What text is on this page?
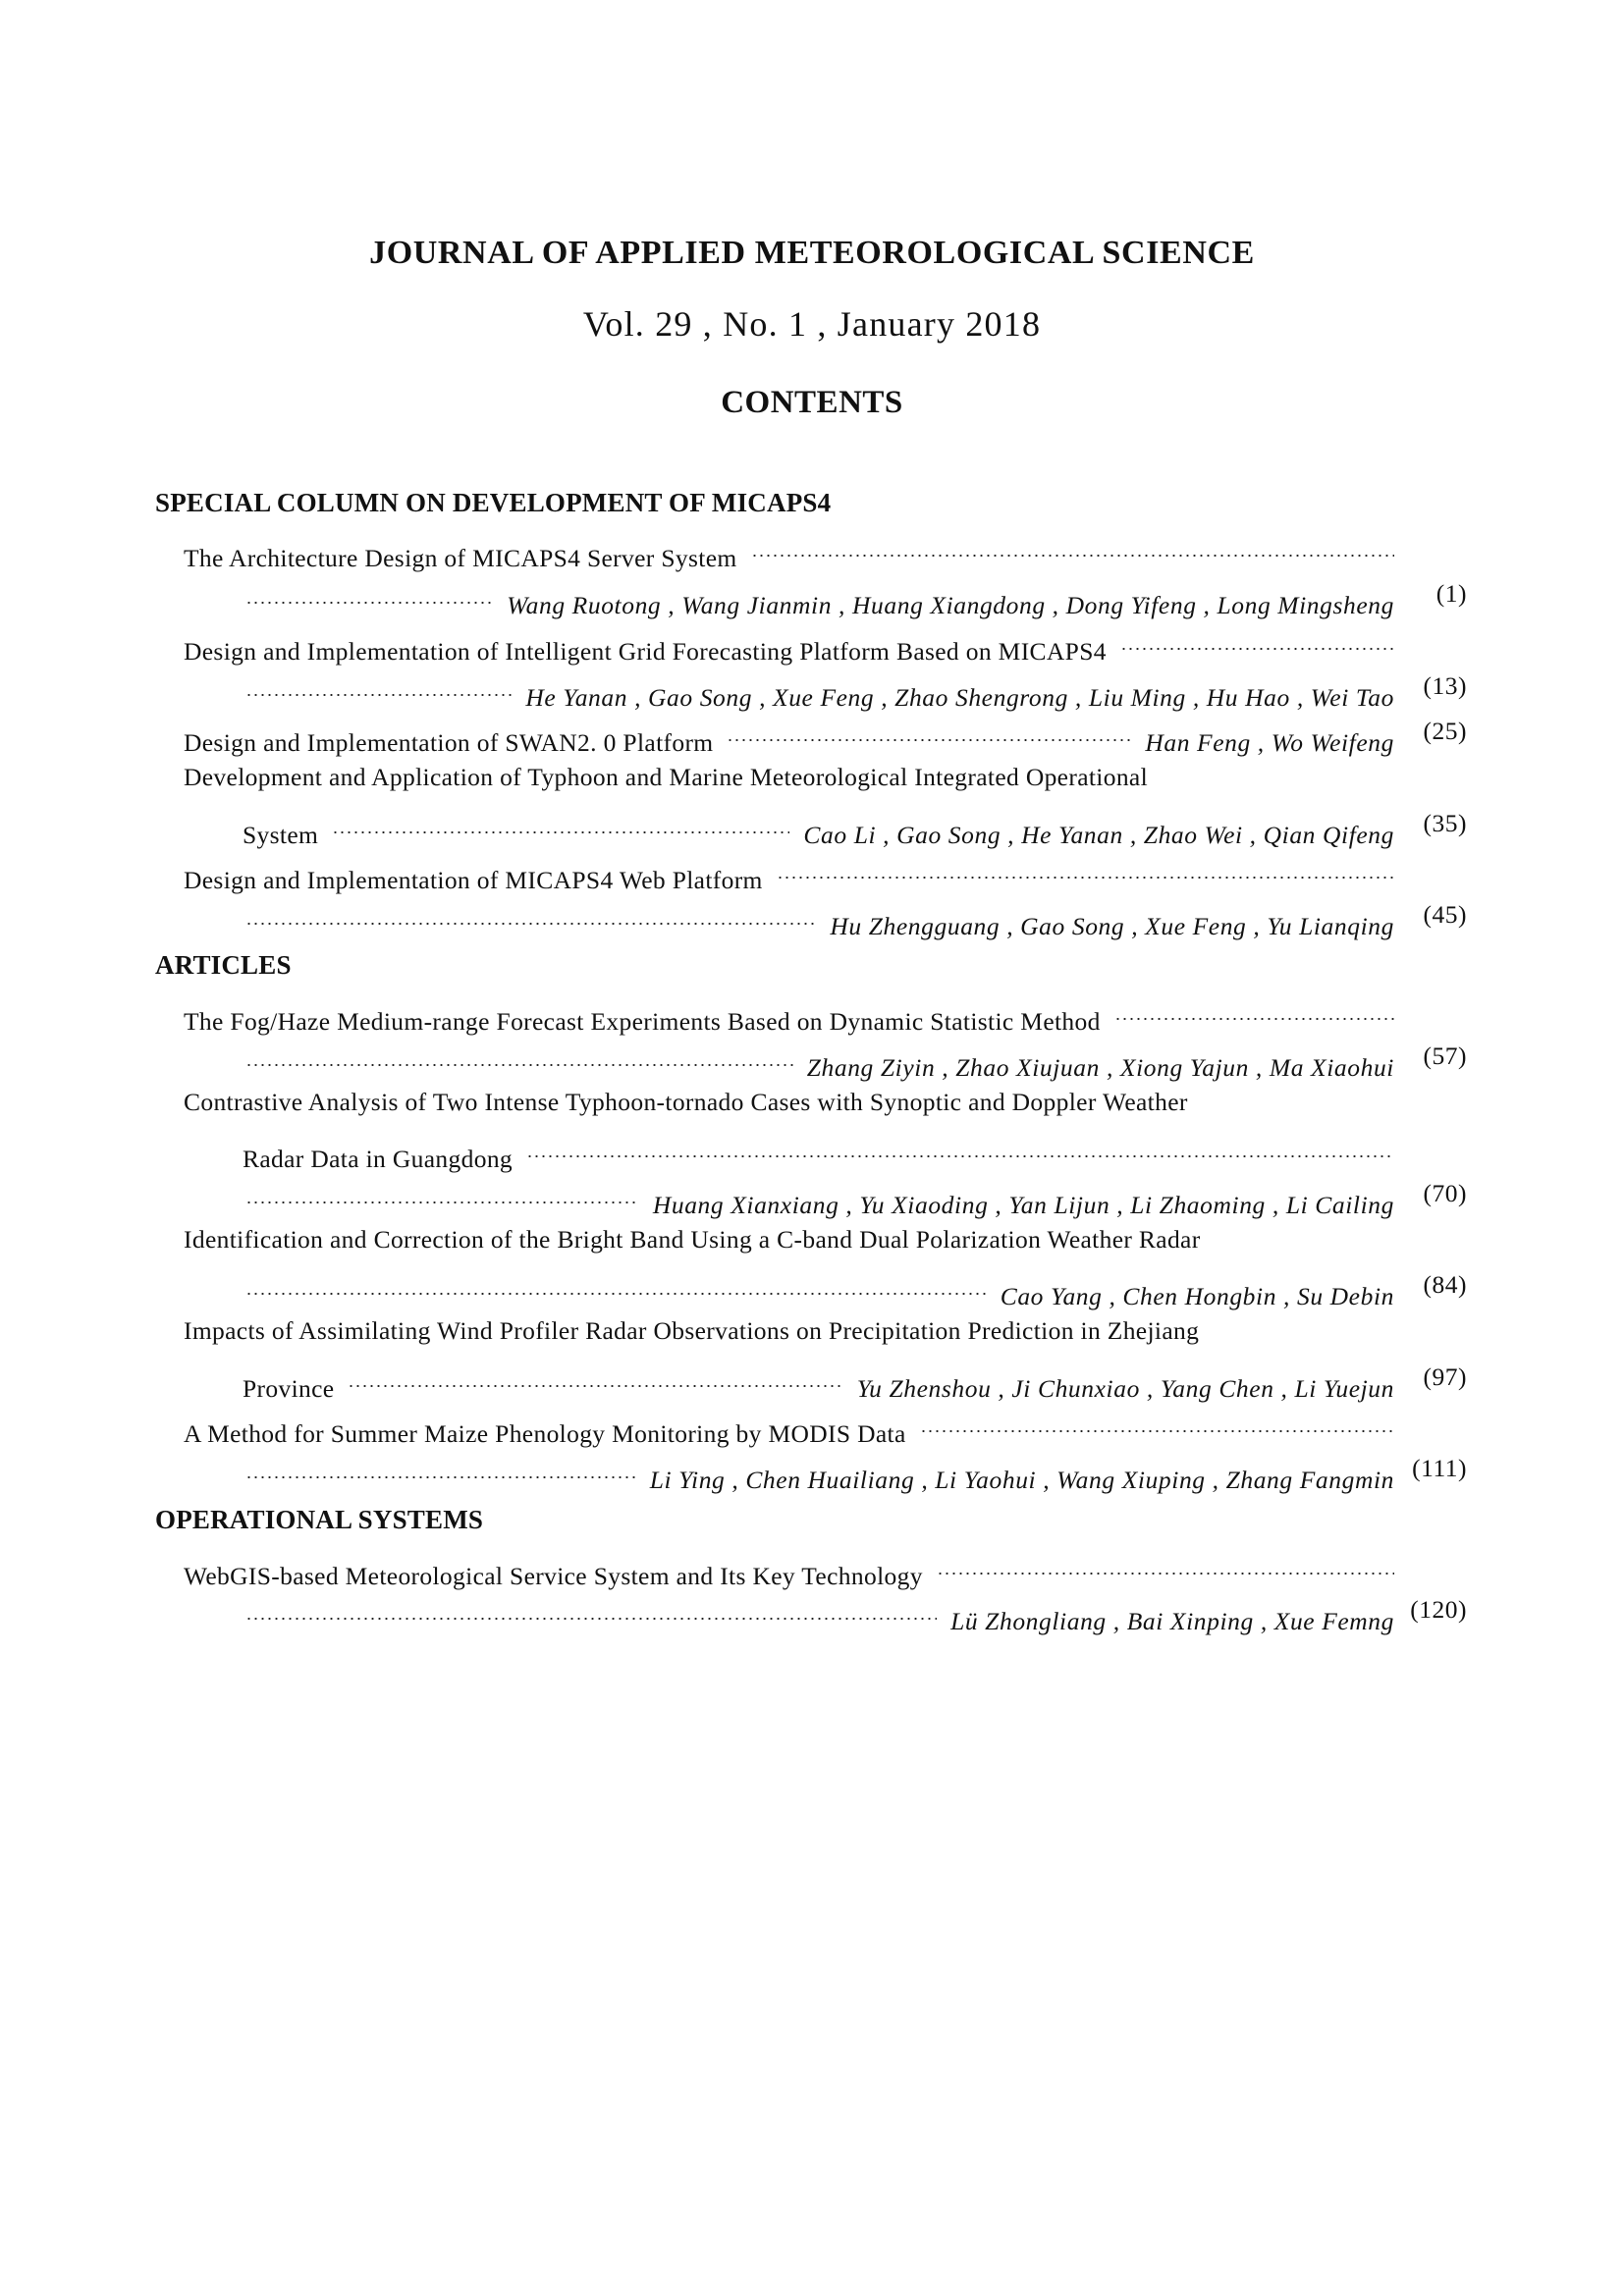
JOURNAL OF APPLIED METEOROLOGICAL SCIENCE
Vol. 29 , No. 1 , January 2018
CONTENTS
SPECIAL COLUMN ON DEVELOPMENT OF MICAPS4
The Architecture Design of MICAPS4 Server System
Wang Ruotong , Wang Jianmin , Huang Xiangdong , Dong Yifeng , Long Mingsheng (1)
Design and Implementation of Intelligent Grid Forecasting Platform Based on MICAPS4
He Yanan , Gao Song , Xue Feng , Zhao Shengrong , Liu Ming , Hu Hao , Wei Tao (13)
Design and Implementation of SWAN2. 0 Platform	Han Feng , Wo Weifeng (25)
Development and Application of Typhoon and Marine Meteorological Integrated Operational
System	Cao Li , Gao Song , He Yanan , Zhao Wei , Qian Qifeng (35)
Design and Implementation of MICAPS4 Web Platform
Hu Zhengguang , Gao Song , Xue Feng , Yu Lianqing (45)
ARTICLES
The Fog/Haze Medium-range Forecast Experiments Based on Dynamic Statistic Method
Zhang Ziyin , Zhao Xiujuan , Xiong Yajun , Ma Xiaohui (57)
Contrastive Analysis of Two Intense Typhoon-tornado Cases with Synoptic and Doppler Weather
Radar Data in Guangdong
Huang Xianxiang , Yu Xiaoding , Yan Lijun , Li Zhaoming , Li Cailing (70)
Identification and Correction of the Bright Band Using a C-band Dual Polarization Weather Radar
Cao Yang , Chen Hongbin , Su Debin (84)
Impacts of Assimilating Wind Profiler Radar Observations on Precipitation Prediction in Zhejiang
Province	Yu Zhenshou , Ji Chunxiao , Yang Chen , Li Yuejun (97)
A Method for Summer Maize Phenology Monitoring by MODIS Data
Li Ying , Chen Huailiang , Li Yaohui , Wang Xiuping , Zhang Fangmin (111)
OPERATIONAL SYSTEMS
WebGIS-based Meteorological Service System and Its Key Technology
Lü Zhongliang , Bai Xinping , Xue Femng (120)
